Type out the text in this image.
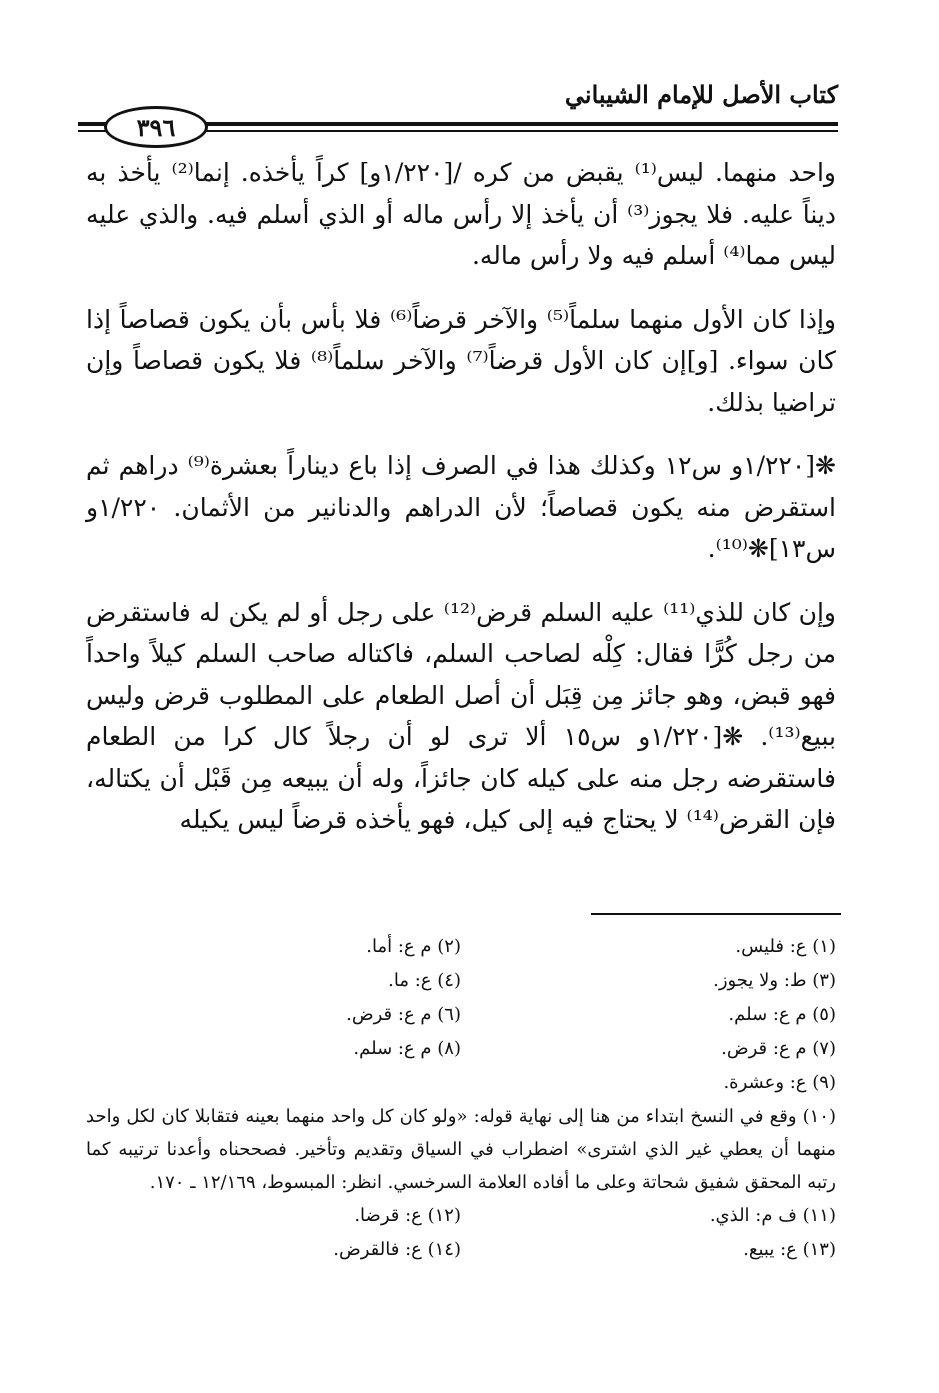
كتاب الأصل للإمام الشيباني
٣٩٦

واحد منهما. ليس⁽¹⁾ يقبض من كره /[١/٢٢٠و] كراً يأخذه. إنما⁽²⁾ يأخذ به ديناً عليه. فلا يجوز⁽³⁾ أن يأخذ إلا رأس ماله أو الذي أسلم فيه. والذي عليه ليس مما⁽⁴⁾ أسلم فيه ولا رأس ماله.

وإذا كان الأول منهما سلماً⁽⁵⁾ والآخر قرضاً⁽⁶⁾ فلا بأس بأن يكون قصاصاً إذا كان سواء. [و]إن كان الأول قرضاً⁽⁷⁾ والآخر سلماً⁽⁸⁾ فلا يكون قصاصاً وإن تراضيا بذلك.

❋[١/٢٢٠و س١٢ وكذلك هذا في الصرف إذا باع ديناراً بعشرة⁽⁹⁾ دراهم ثم استقرض منه يكون قصاصاً؛ لأن الدراهم والدنانير من الأثمان. ١/٢٢٠و س١٣]❋⁽¹⁰⁾.

وإن كان للذي⁽¹¹⁾ عليه السلم قرض⁽¹²⁾ على رجل أو لم يكن له فاستقرض من رجل كُرًّا فقال: كِلْه لصاحب السلم، فاكتاله صاحب السلم كيلاً واحداً فهو قبض، وهو جائز مِن قِبَل أن أصل الطعام على المطلوب قرض وليس ببيع⁽¹³⁾. ❋[١/٢٢٠و س١٥ ألا ترى لو أن رجلاً كال كرا من الطعام فاستقرضه رجل منه على كيله كان جائزاً، وله أن يبيعه مِن قَبْل أن يكتاله، فإن القرض⁽¹⁴⁾ لا يحتاج فيه إلى كيل، فهو يأخذه قرضاً ليس يكيله

(١) ع: فليس.
(٢) م ع: أما.
(٣) ط: ولا يجوز.
(٤) ع: ما.
(٥) م ع: سلم.
(٦) م ع: قرض.
(٧) م ع: قرض.
(٨) م ع: سلم.
(٩) ع: وعشرة.
(١٠) وقع في النسخ ابتداء من هنا إلى نهاية قوله: «ولو كان كل واحد منهما بعينه فتقابلا كان لكل واحد منهما أن يعطي غير الذي اشترى» اضطراب في السياق وتقديم وتأخير. فصححناه وأعدنا ترتيبه كما رتبه المحقق شفيق شحاتة وعلى ما أفاده العلامة السرخسي. انظر: المبسوط، ١٢/١٦٩ ـ ١٧٠.
(١١) ف م: الذي.
(١٢) ع: قرضا.
(١٣) ع: يبيع.
(١٤) ع: فالقرض.
